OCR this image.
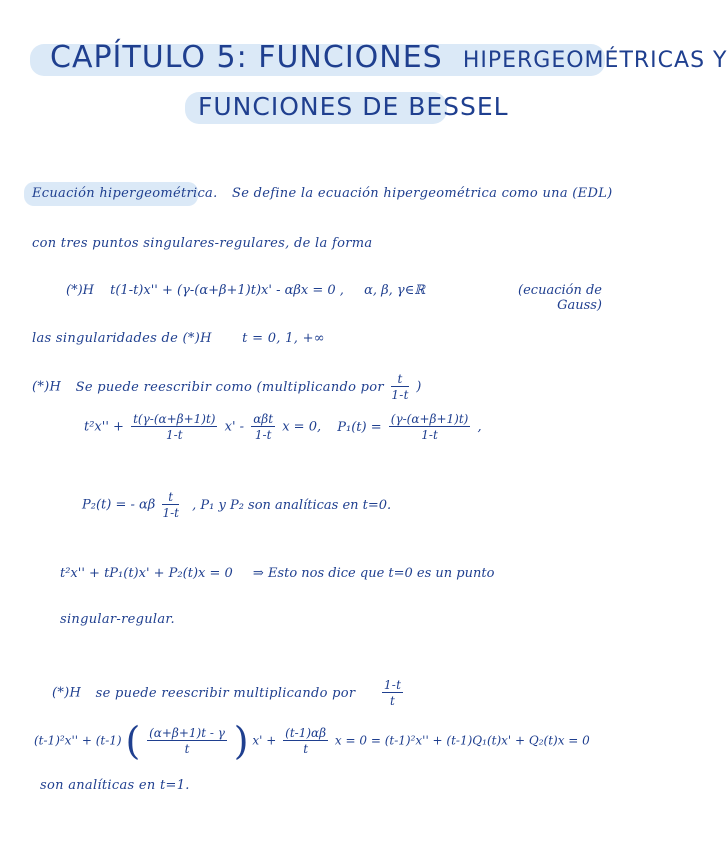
CAPÍTULO 5: FUNCIONES HIPERGEOMÉTRICAS Y
FUNCIONES DE BESSEL
Ecuación hipergeométrica. Se define la ecuación hipergeométrica como una (EDL)
con tres puntos singulares-regulares, de la forma
(*)H t(1-t)x'' + (γ-(α+β+1)t)x' - αβx = 0 , α, β, γ∈ℝ	(ecuación de
Gauss)
las singularidades de (*)H t = 0, 1, +∞
(*)H Se puede reescribir como (multiplicando por $\frac{t}{1-t}$ )
$t^2x'' + \frac{t(\gamma-(\alpha+\beta+1)t)}{1-t} x' - \frac{\text{αβt}}{1-t}$ x = 0, $P_1(t) = \frac{(\gamma-(\alpha+\beta+1)t)}{1-t}$ ,
P₂(t) = - αβ $\frac{t}{1-t}$ , P₁ y P₂ son analíticas en t=0.
t²x'' + tP₁(t)x' + P₂(t)x = 0 ⇒ Esto nos dice que t=0 es un punto
singular-regular.
(*)H se puede reescribir multiplicando por $\frac{1-t}{t}$
(t-1)²x'' + (t-1) ( $\frac{(\alpha+\beta+1)t - \gamma}{t}$ ) $x' + \frac{(t-1)\alpha\beta}{t}$ x = 0 = (t-1)²x'' + (t-1)Q₁(t)x' + Q₂(t)x = 0
son analíticas en t=1.
